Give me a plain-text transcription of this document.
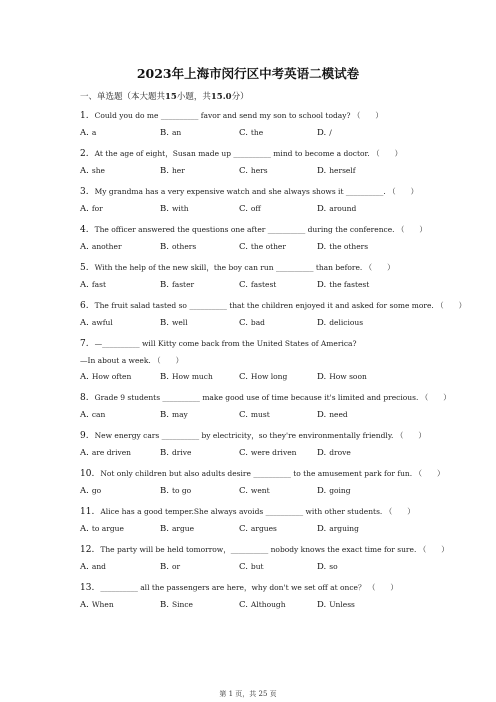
2023年上海市闵行区中考英语二模试卷
一、单选题（本大题共15小题，共15.0分）
1. Could you do me __________ favor and send my son to school today? （　　）
A. a	B. an	C. the	D. /
2. At the age of eight，Susan made up __________ mind to become a doctor. （　　）
A. she	B. her	C. hers	D. herself
3. My grandma has a very expensive watch and she always shows it __________. （　　）
A. for	B. with	C. off	D. around
4. The officer answered the questions one after __________ during the conference. （　　）
A. another	B. others	C. the other	D. the others
5. With the help of the new skill，the boy can run __________ than before. （　　）
A. fast	B. faster	C. fastest	D. the fastest
6. The fruit salad tasted so __________ that the children enjoyed it and asked for some more. （　　）
A. awful	B. well	C. bad	D. delicious
7. —__________ will Kitty come back from the United States of America?
—In about a week. （　　）
A. How often	B. How much	C. How long	D. How soon
8. Grade 9 students __________ make good use of time because it's limited and precious. （　　）
A. can	B. may	C. must	D. need
9. New energy cars __________ by electricity，so they're environmentally friendly. （　　）
A. are driven	B. drive	C. were driven D. drove
10. Not only children but also adults desire __________ to the amusement park for fun. （　　）
A. go	B. to go	C. went	D. going
11. Alice has a good temper.She always avoids __________ with other students. （　　）
A. to argue	B. argue	C. argues	D. arguing
12. The party will be held tomorrow，__________ nobody knows the exact time for sure. （　　）
A. and	B. or	C. but	D. so
13. __________ all the passengers are here，why don't we set off at once？ （　　）
A. When	B. Since	C. Although	D. Unless
第 1 页，共 25 页
